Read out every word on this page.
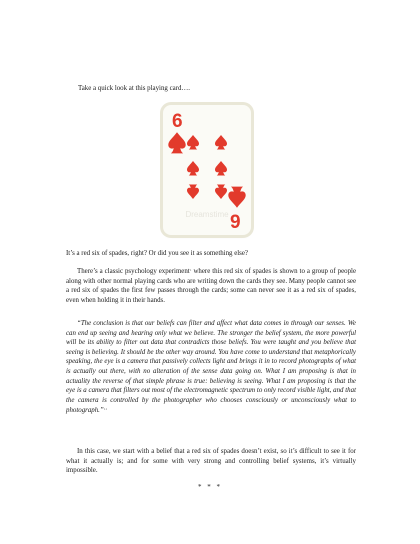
Take a quick look at this playing card….

6
9
Dreamstime

It’s a red six of spades, right? Or did you see it as something else?

There’s a classic psychology experiment$^1$ where this red six of spades is shown to a group of people along with other normal playing cards who are writing down the cards they see. Many people cannot see a red six of spades the first few passes through the cards; some can never see it as a red six of spades, even when holding it in their hands.

“The conclusion is that our beliefs can filter and affect what data comes in through our senses. We can end up seeing and hearing only what we believe. The stronger the belief system, the more powerful will be its ability to filter out data that contradicts those beliefs. You were taught and you believe that seeing is believing. It should be the other way around. You have come to understand that metaphorically speaking, the eye is a camera that passively collects light and brings it in to record photographs of what is actually out there, with no alteration of the sense data going on. What I am proposing is that in actuality the reverse of that simple phrase is true: believing is seeing. What I am proposing is that the eye is a camera that filters out most of the electromagnetic spectrum to only record visible light, and that the camera is controlled by the photographer who chooses consciously or unconsciously what to photograph.”$^{11}$

In this case, we start with a belief that a red six of spades doesn’t exist, so it’s difficult to see it for what it actually is; and for some with very strong and controlling belief systems, it’s virtually impossible.

* * *
